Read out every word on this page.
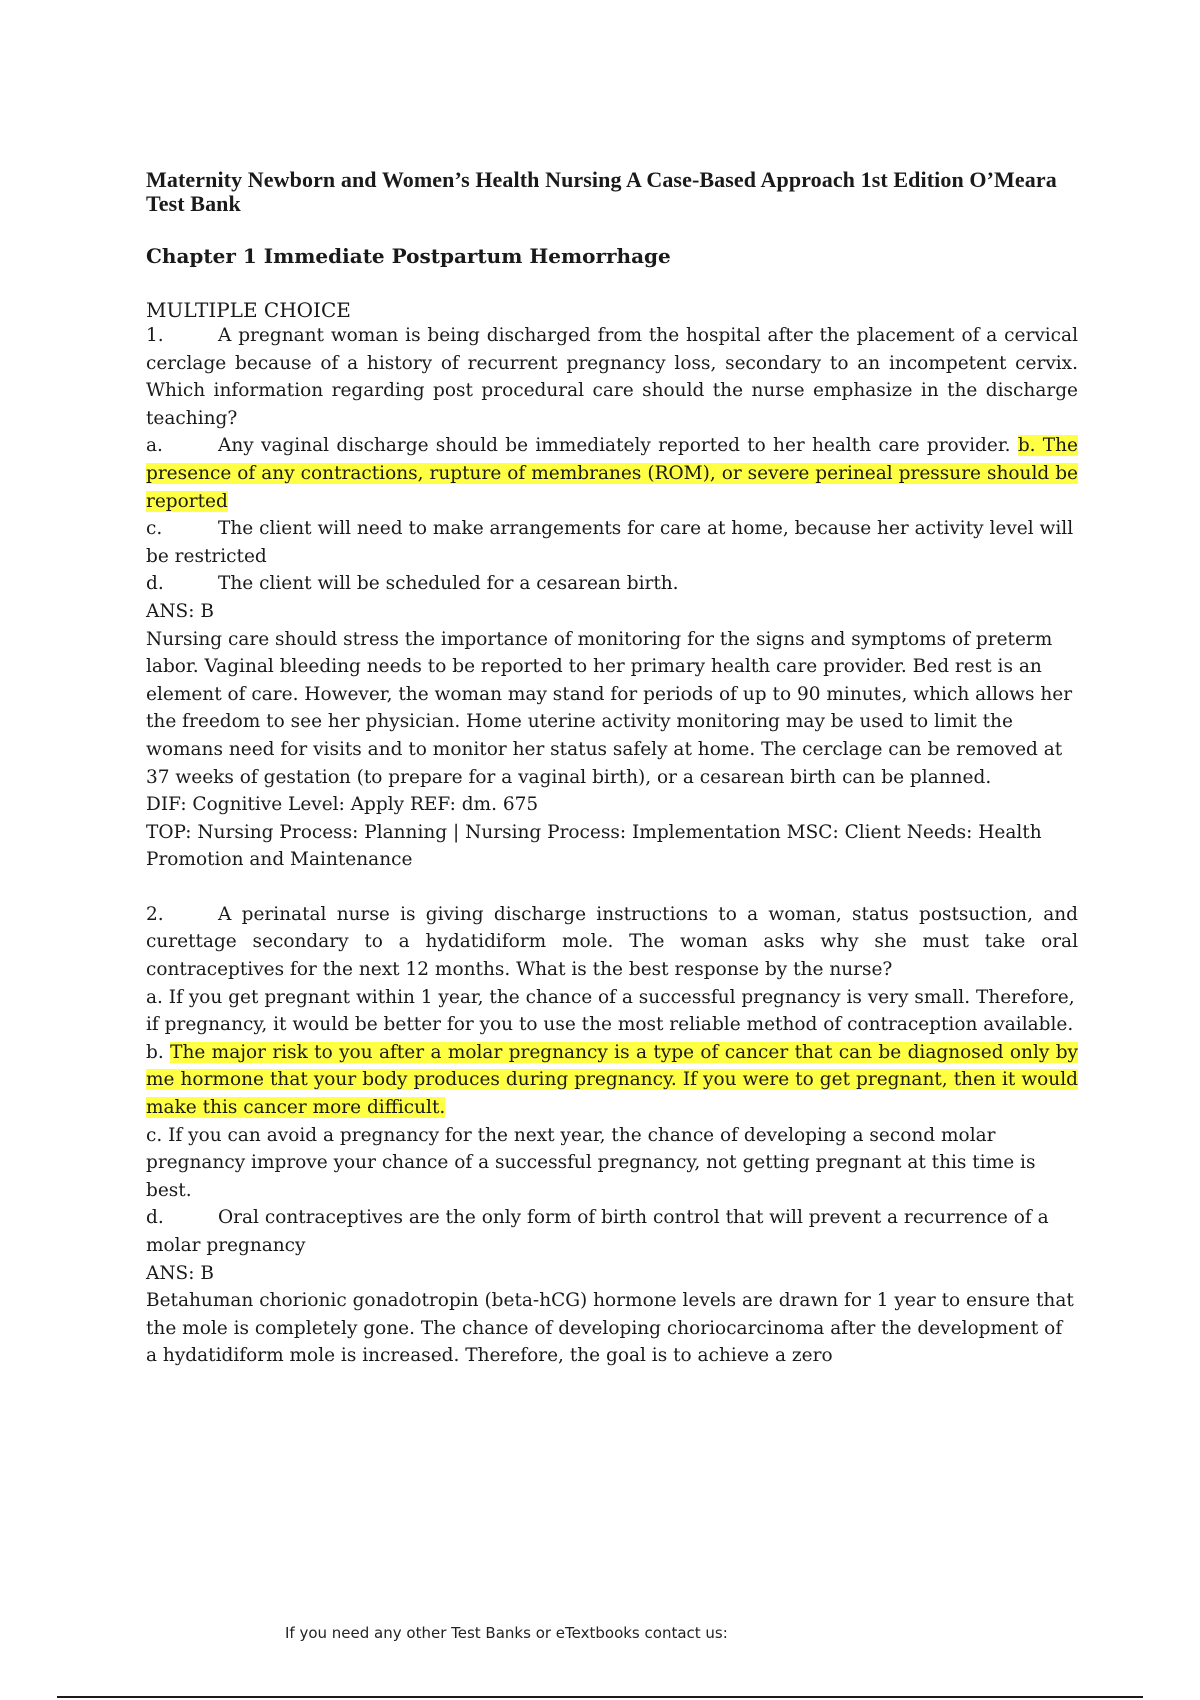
Maternity Newborn and Women’s Health Nursing A Case-Based Approach 1st Edition O’Meara Test Bank
Chapter 1 Immediate Postpartum Hemorrhage
MULTIPLE CHOICE

1.	A pregnant woman is being discharged from the hospital after the placement of a cervical cerclage because of a history of recurrent pregnancy loss, secondary to an incompetent cervix. Which information regarding post procedural care should the nurse emphasize in the discharge teaching?

a.	Any vaginal discharge should be immediately reported to her health care provider. b. The presence of any contractions, rupture of membranes (ROM), or severe perineal pressure should be reported

c.	The client will need to make arrangements for care at home, because her activity level will be restricted

d.	The client will be scheduled for a cesarean birth.

ANS: B

Nursing care should stress the importance of monitoring for the signs and symptoms of preterm labor. Vaginal bleeding needs to be reported to her primary health care provider. Bed rest is an element of care. However, the woman may stand for periods of up to 90 minutes, which allows her the freedom to see her physician. Home uterine activity monitoring may be used to limit the womans need for visits and to monitor her status safely at home. The cerclage can be removed at 37 weeks of gestation (to prepare for a vaginal birth), or a cesarean birth can be planned.

DIF: Cognitive Level: Apply REF: dm. 675

TOP: Nursing Process: Planning | Nursing Process: Implementation MSC: Client Needs: Health Promotion and Maintenance

2.	A perinatal nurse is giving discharge instructions to a woman, status postsuction, and curettage secondary to a hydatidiform mole. The woman asks why she must take oral contraceptives for the next 12 months. What is the best response by the nurse?

a. If you get pregnant within 1 year, the chance of a successful pregnancy is very small. Therefore, if pregnancy, it would be better for you to use the most reliable method of contraception available.

b. The major risk to you after a molar pregnancy is a type of cancer that can be diagnosed only by me hormone that your body produces during pregnancy. If you were to get pregnant, then it would make this cancer more difficult.

c. If you can avoid a pregnancy for the next year, the chance of developing a second molar pregnancy improve your chance of a successful pregnancy, not getting pregnant at this time is best.

d.	Oral contraceptives are the only form of birth control that will prevent a recurrence of a molar pregnancy

ANS: B

Betahuman chorionic gonadotropin (beta-hCG) hormone levels are drawn for 1 year to ensure that the mole is completely gone. The chance of developing choriocarcinoma after the development of a hydatidiform mole is increased. Therefore, the goal is to achieve a zero

If you need any other Test Banks or eTextbooks contact us:
